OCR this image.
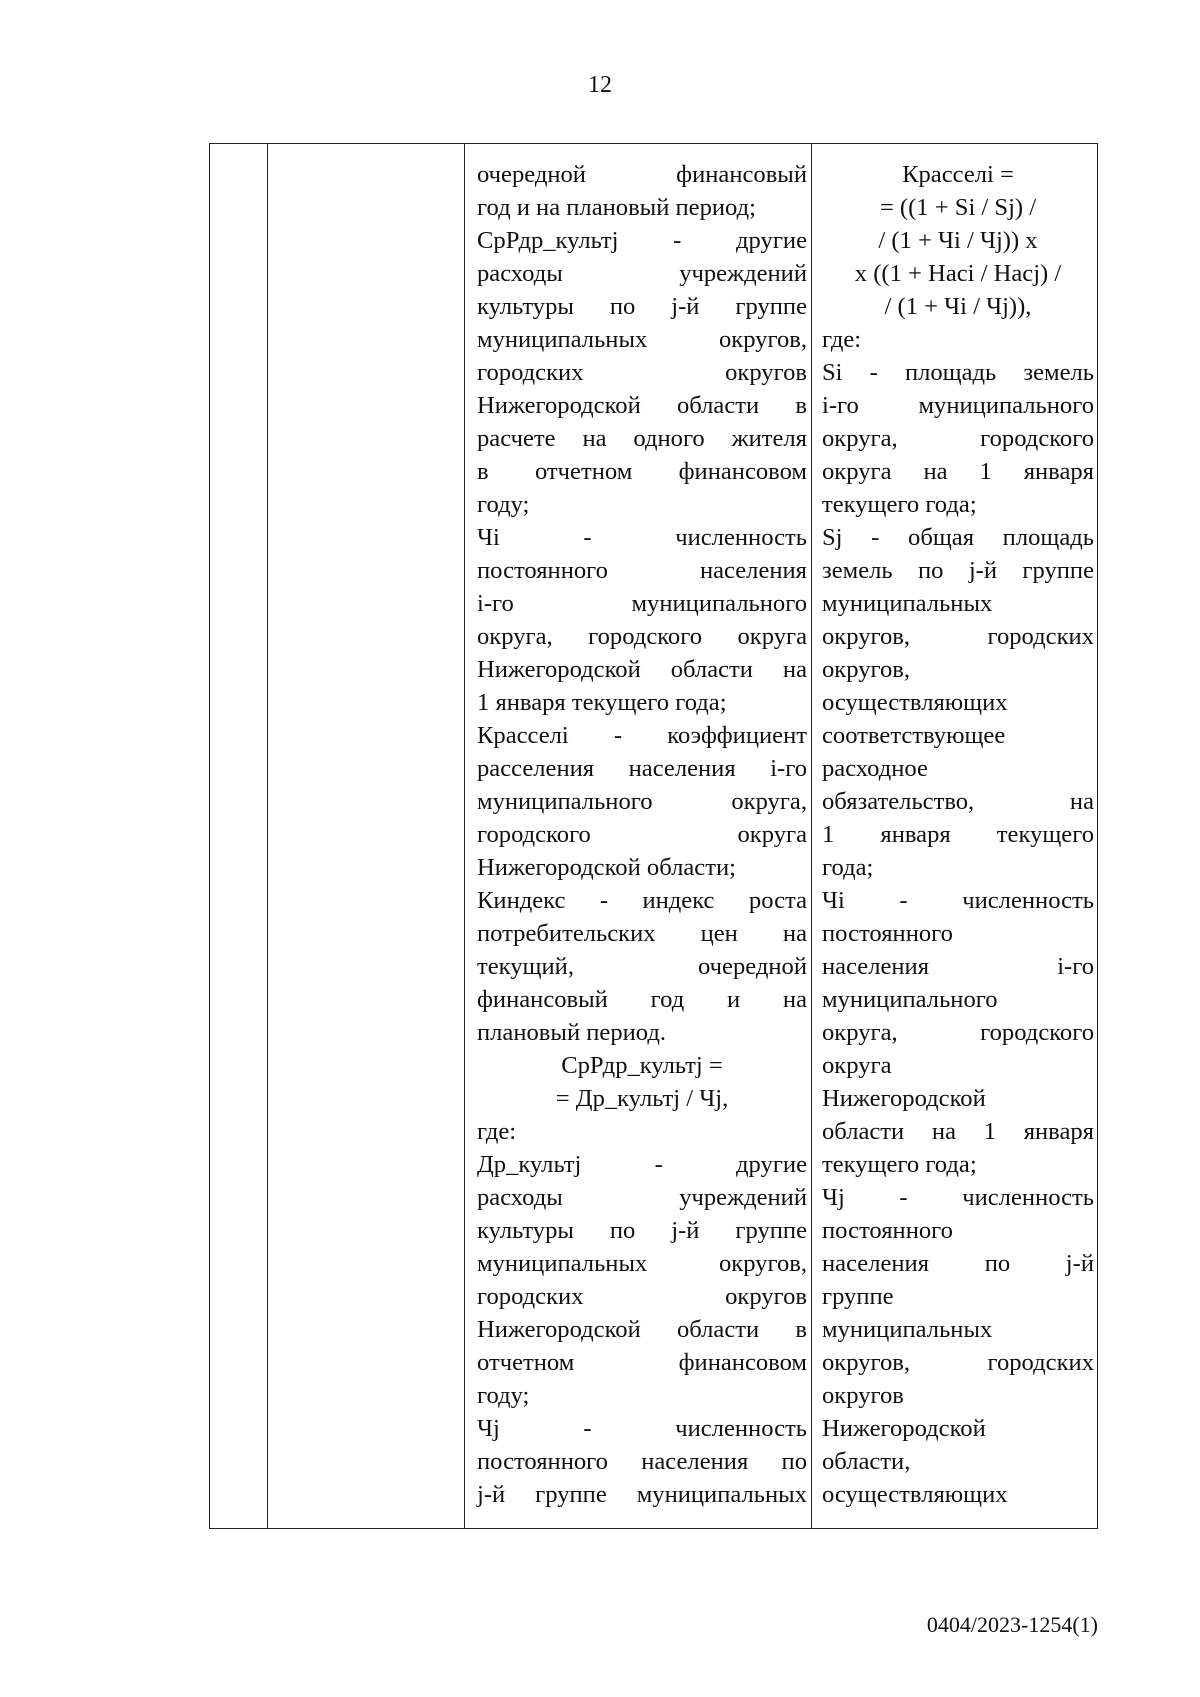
12

очередной финансовый
год и на плановый период;
СрРдр_культj - другие
расходы учреждений
культуры по j-й группе
муниципальных округов,
городских округов
Нижегородской области в
расчете на одного жителя
в отчетном финансовом
году;
Чi - численность
постоянного населения
i-го муниципального
округа, городского округа
Нижегородской области на
1 января текущего года;
Красселi - коэффициент
расселения населения i-го
муниципального округа,
городского округа
Нижегородской области;
Киндекс - индекс роста
потребительских цен на
текущий, очередной
финансовый год и на
плановый период.
СрРдр_культj =
= Др_культj / Чj,
где:
Др_культj - другие
расходы учреждений
культуры по j-й группе
муниципальных округов,
городских округов
Нижегородской области в
отчетном финансовом
году;
Чj - численность
постоянного населения по
j-й группе муниципальных

Красселi =
= ((1 + Si / Sj) /
/ (1 + Чi / Чj)) x
x ((1 + Насi / Насj) /
/ (1 + Чi / Чj)),
где:
Si - площадь земель
i-го муниципального
округа, городского
округа на 1 января
текущего года;
Sj - общая площадь
земель по j-й группе
муниципальных
округов, городских
округов,
осуществляющих
соответствующее
расходное
обязательство, на
1 января текущего
года;
Чi - численность
постоянного
населения i-го
муниципального
округа, городского
округа
Нижегородской
области на 1 января
текущего года;
Чj - численность
постоянного
населения по j-й
группе
муниципальных
округов, городских
округов
Нижегородской
области,
осуществляющих
0404/2023-1254(1)
